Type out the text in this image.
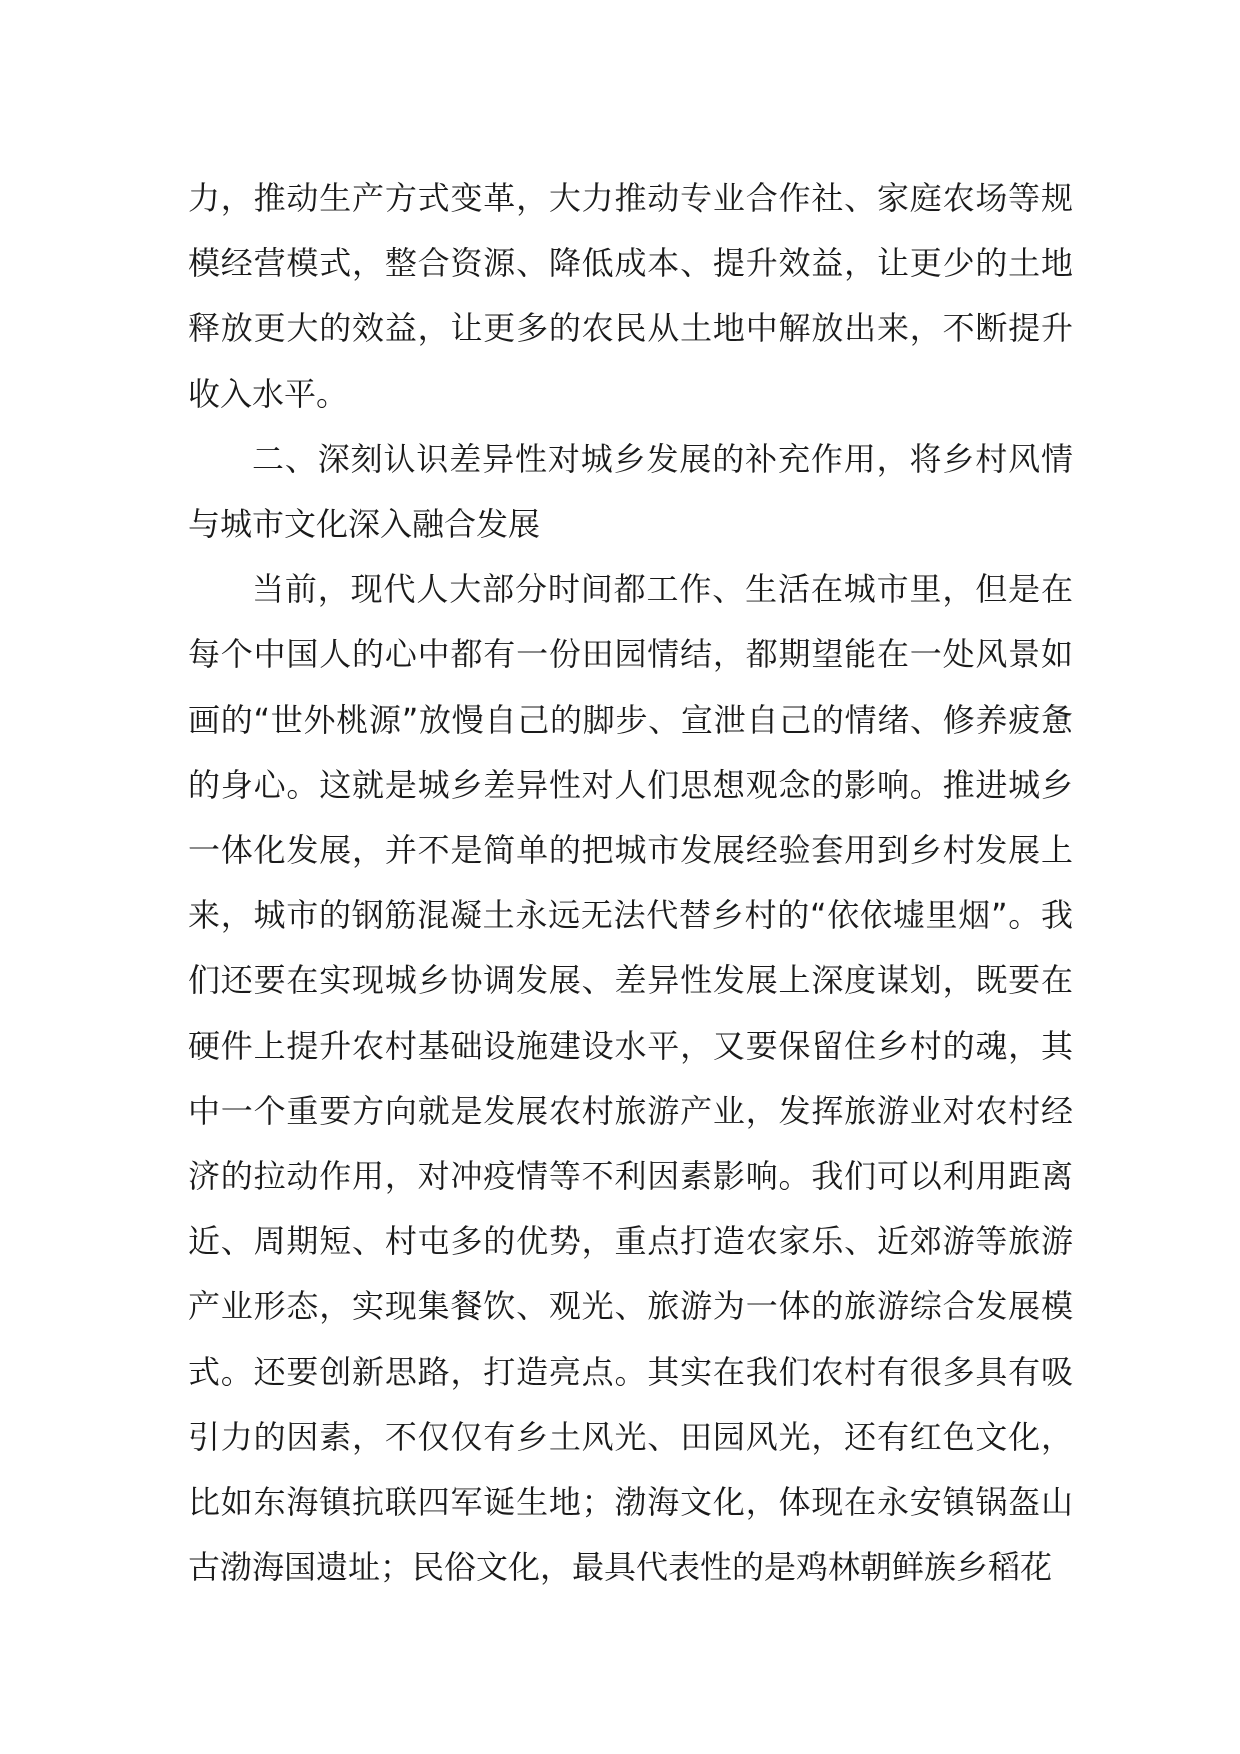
力，推动生产方式变革，大力推动专业合作社、家庭农场等规模经营模式，整合资源、降低成本、提升效益，让更少的土地释放更大的效益，让更多的农民从土地中解放出来，不断提升收入水平。

二、深刻认识差异性对城乡发展的补充作用，将乡村风情与城市文化深入融合发展

当前，现代人大部分时间都工作、生活在城市里，但是在每个中国人的心中都有一份田园情结，都期望能在一处风景如画的“世外桃源”放慢自己的脚步、宣泄自己的情绪、修养疲惫的身心。这就是城乡差异性对人们思想观念的影响。推进城乡一体化发展，并不是简单的把城市发展经验套用到乡村发展上来，城市的钢筋混凝土永远无法代替乡村的“依依墟里烟”。我们还要在实现城乡协调发展、差异性发展上深度谋划，既要在硬件上提升农村基础设施建设水平，又要保留住乡村的魂，其中一个重要方向就是发展农村旅游产业，发挥旅游业对农村经济的拉动作用，对冲疫情等不利因素影响。我们可以利用距离近、周期短、村屯多的优势，重点打造农家乐、近郊游等旅游产业形态，实现集餐饮、观光、旅游为一体的旅游综合发展模式。还要创新思路，打造亮点。其实在我们农村有很多具有吸引力的因素，不仅仅有乡土风光、田园风光，还有红色文化，比如东海镇抗联四军诞生地；渤海文化，体现在永安镇锅盔山古渤海国遗址；民俗文化，最具代表性的是鸡林朝鲜族乡稻花
